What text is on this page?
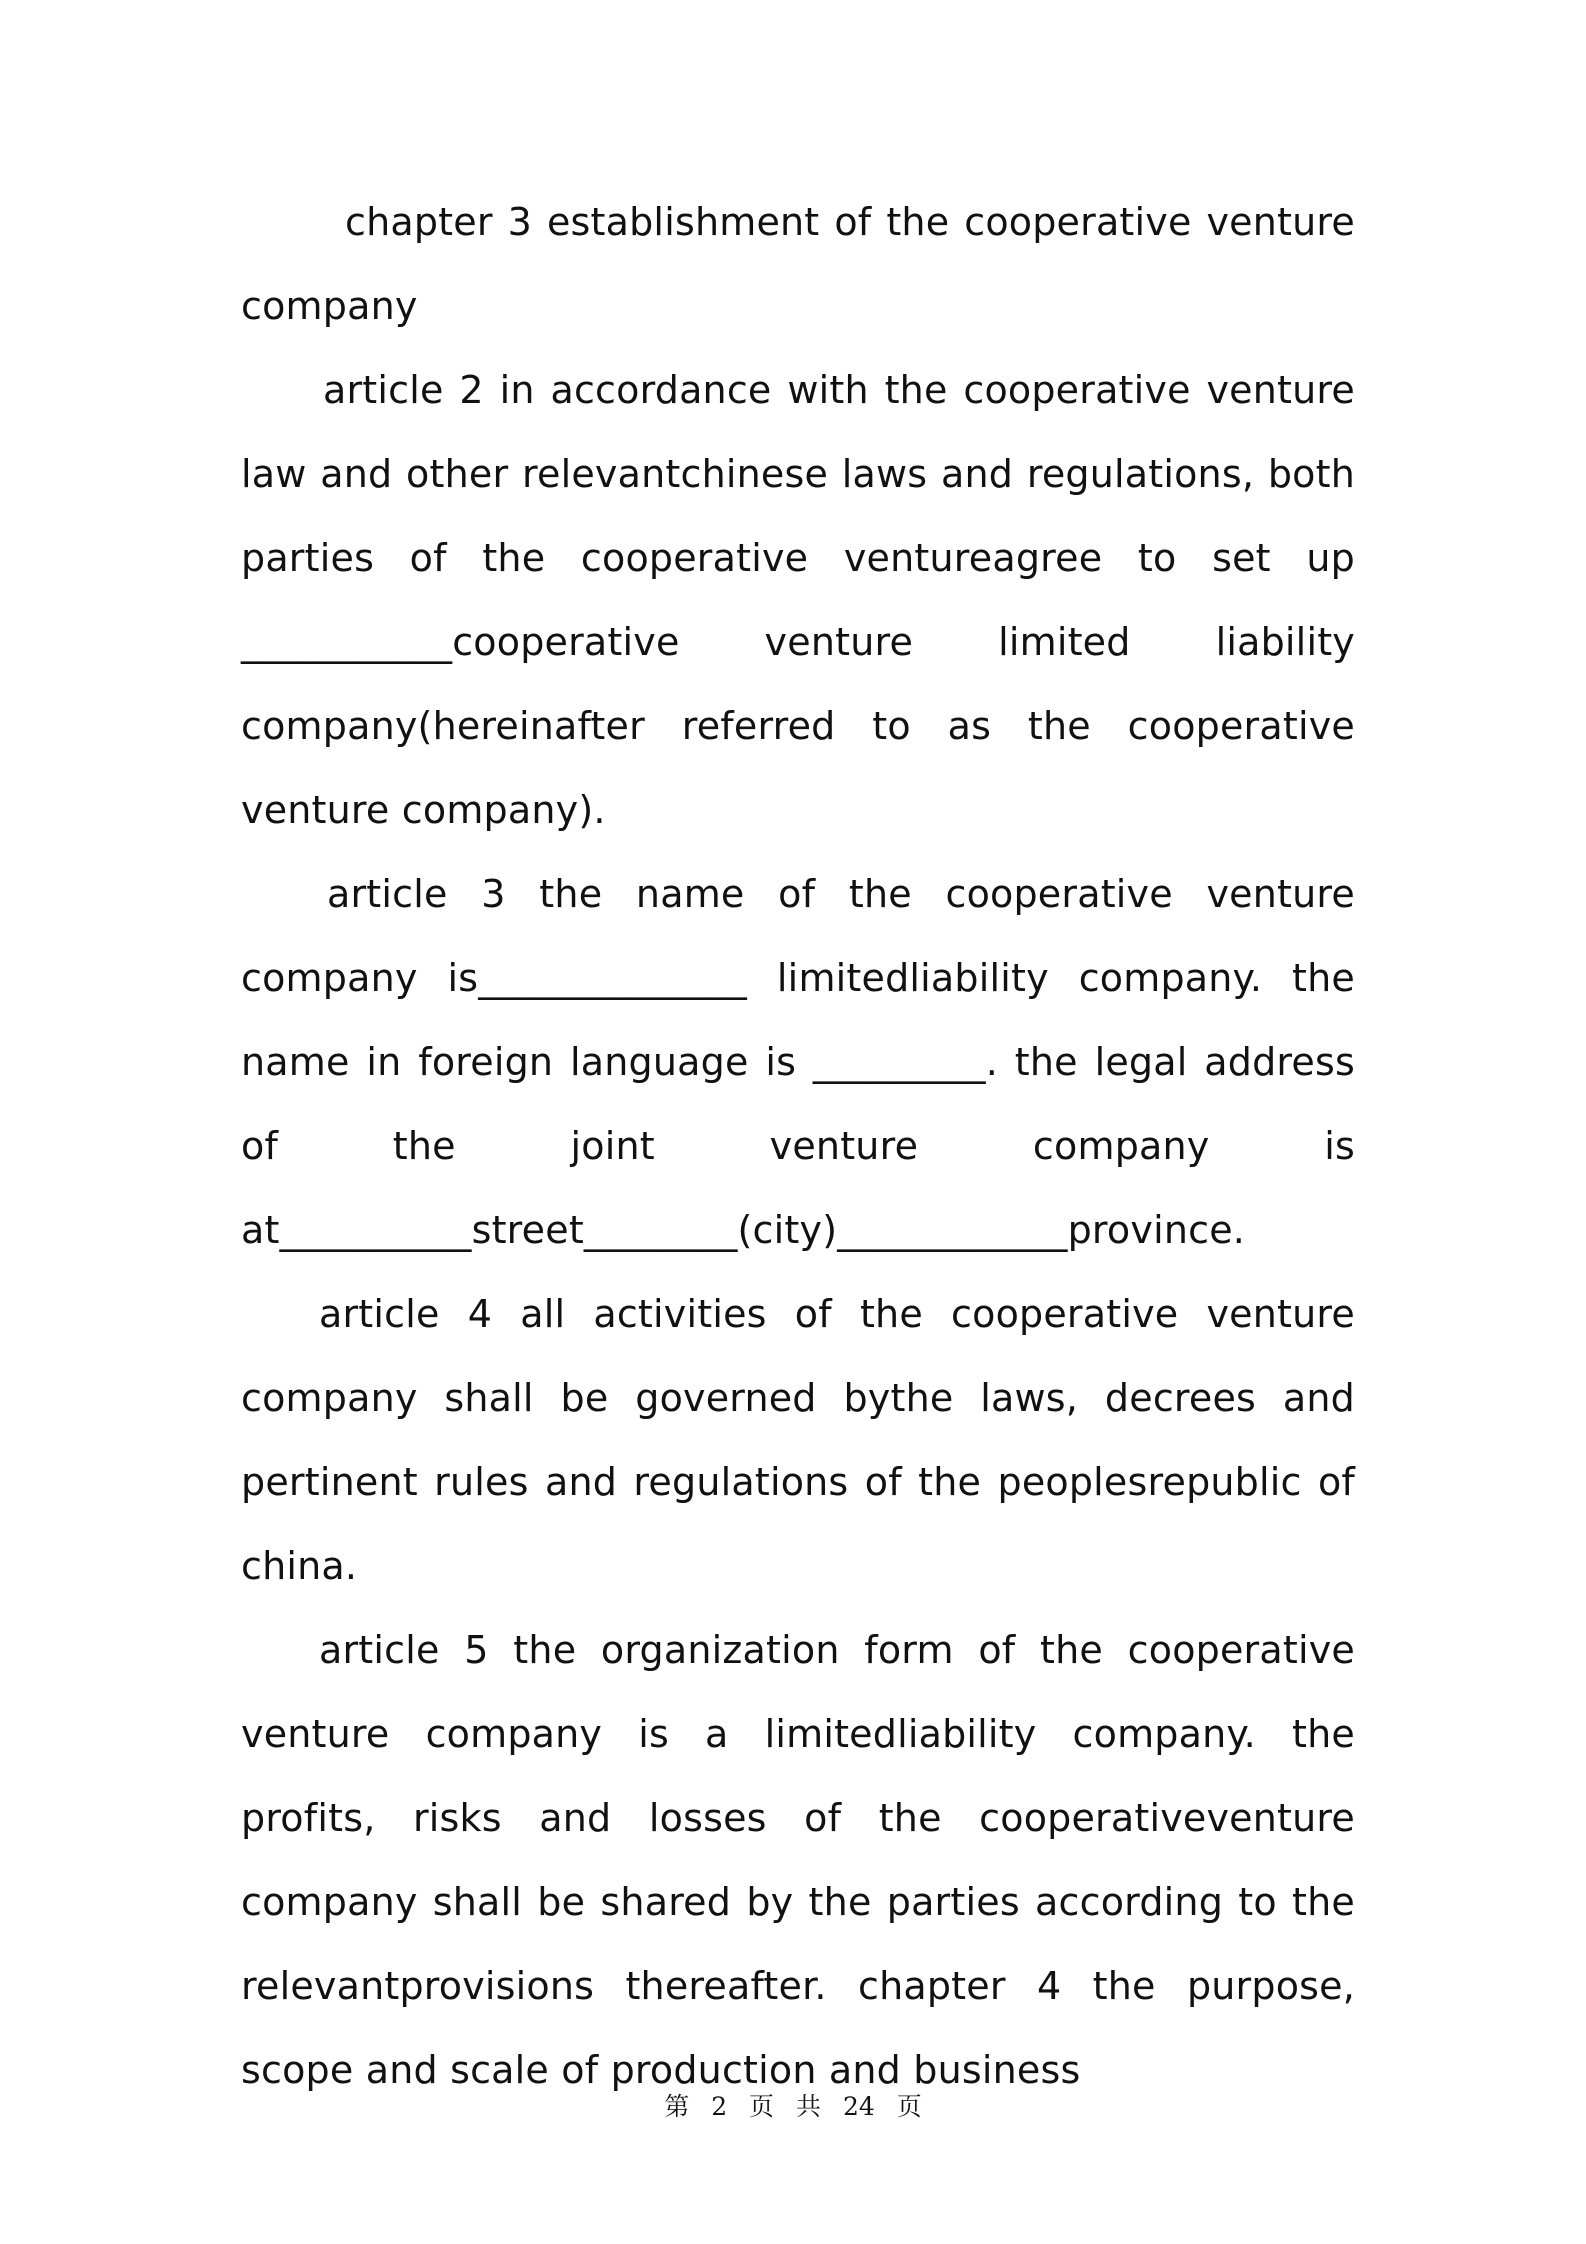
chapter 3 establishment of the cooperative venture company

article 2 in accordance with the cooperative venture law and other relevantchinese laws and regulations, both parties of the cooperative ventureagree to set up ___________cooperative venture limited liability company(hereinafter referred to as the cooperative venture company).

article 3 the name of the cooperative venture company is______________ limitedliability company. the name in foreign language is _________. the legal address of the joint venture company is at__________street________(city)____________province.

article 4 all activities of the cooperative venture company shall be governed bythe laws, decrees and pertinent rules and regulations of the peoplesrepublic of china.

article 5 the organization form of the cooperative venture company is a limitedliability company. the profits, risks and losses of the cooperativeventure company shall be shared by the parties according to the relevantprovisions thereafter. chapter 4 the purpose, scope and scale of production and business

第 2 页 共 24 页
